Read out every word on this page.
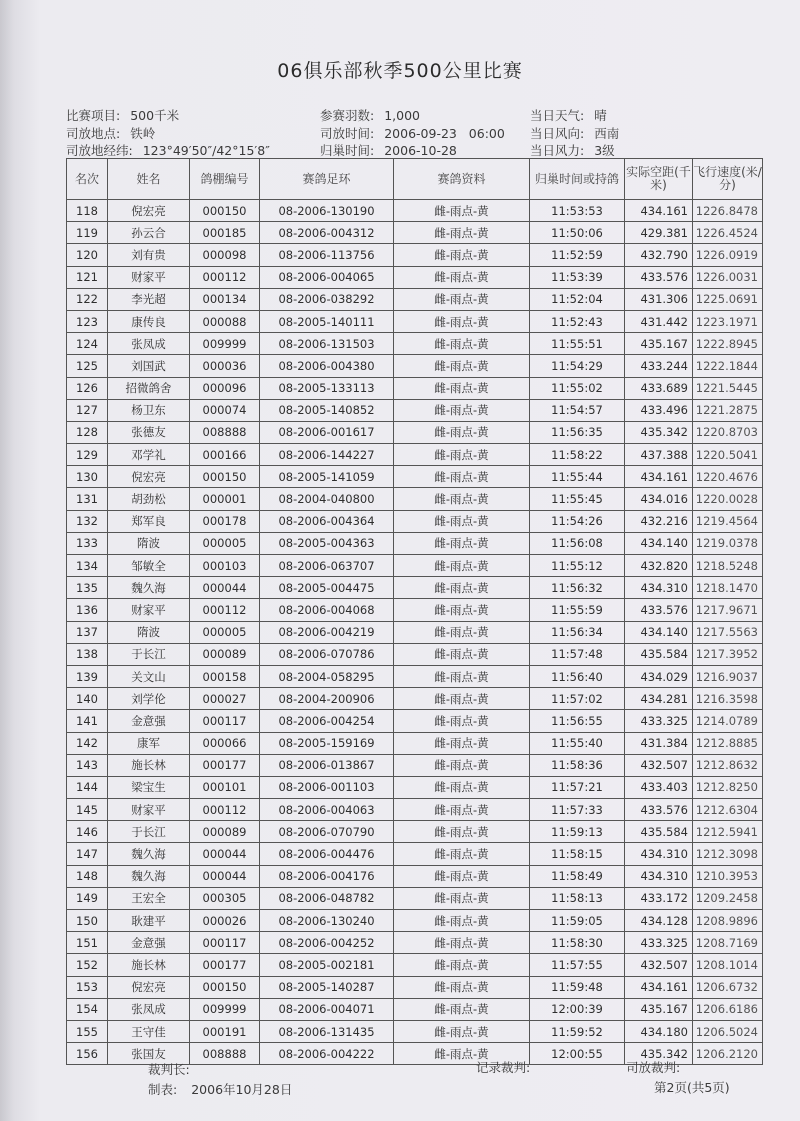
06俱乐部秋季500公里比赛
比赛项目: 500千米
司放地点: 铁岭
司放地经纬: 123°49′50″/42°15′8″
参赛羽数: 1,000
司放时间: 2006-09-23   06:00
归巢时间: 2006-10-28
当日天气: 晴
当日风向: 西南
当日风力: 3级
名次	姓名	鸽棚编号	赛鸽足环	赛鸽资料	归巢时间或持鸽	实际空距(千米)	飞行速度(米/分)
118	倪宏亮	000150	08-2006-130190	雌-雨点-黄	11:53:53	434.161	1226.8478
119	孙云合	000185	08-2006-004312	雌-雨点-黄	11:50:06	429.381	1226.4524
120	刘有贵	000098	08-2006-113756	雌-雨点-黄	11:52:59	432.790	1226.0919
121	财家平	000112	08-2006-004065	雌-雨点-黄	11:53:39	433.576	1226.0031
122	李光超	000134	08-2006-038292	雌-雨点-黄	11:52:04	431.306	1225.0691
123	康传良	000088	08-2005-140111	雌-雨点-黄	11:52:43	431.442	1223.1971
124	张凤成	009999	08-2006-131503	雌-雨点-黄	11:55:51	435.167	1222.8945
125	刘国武	000036	08-2006-004380	雌-雨点-黄	11:54:29	433.244	1222.1844
126	招微鸽舍	000096	08-2005-133113	雌-雨点-黄	11:55:02	433.689	1221.5445
127	杨卫东	000074	08-2005-140852	雌-雨点-黄	11:54:57	433.496	1221.2875
128	张德友	008888	08-2006-001617	雌-雨点-黄	11:56:35	435.342	1220.8703
129	邓学礼	000166	08-2006-144227	雌-雨点-黄	11:58:22	437.388	1220.5041
130	倪宏亮	000150	08-2005-141059	雌-雨点-黄	11:55:44	434.161	1220.4676
131	胡劲松	000001	08-2004-040800	雌-雨点-黄	11:55:45	434.016	1220.0028
132	郑军良	000178	08-2006-004364	雌-雨点-黄	11:54:26	432.216	1219.4564
133	隋波	000005	08-2005-004363	雌-雨点-黄	11:56:08	434.140	1219.0378
134	邹敏全	000103	08-2006-063707	雌-雨点-黄	11:55:12	432.820	1218.5248
135	魏久海	000044	08-2005-004475	雌-雨点-黄	11:56:32	434.310	1218.1470
136	财家平	000112	08-2006-004068	雌-雨点-黄	11:55:59	433.576	1217.9671
137	隋波	000005	08-2006-004219	雌-雨点-黄	11:56:34	434.140	1217.5563
138	于长江	000089	08-2006-070786	雌-雨点-黄	11:57:48	435.584	1217.3952
139	关文山	000158	08-2004-058295	雌-雨点-黄	11:56:40	434.029	1216.9037
140	刘学伦	000027	08-2004-200906	雌-雨点-黄	11:57:02	434.281	1216.3598
141	金意强	000117	08-2006-004254	雌-雨点-黄	11:56:55	433.325	1214.0789
142	康军	000066	08-2005-159169	雌-雨点-黄	11:55:40	431.384	1212.8885
143	施长林	000177	08-2006-013867	雌-雨点-黄	11:58:36	432.507	1212.8632
144	梁宝生	000101	08-2006-001103	雌-雨点-黄	11:57:21	433.403	1212.8250
145	财家平	000112	08-2006-004063	雌-雨点-黄	11:57:33	433.576	1212.6304
146	于长江	000089	08-2006-070790	雌-雨点-黄	11:59:13	435.584	1212.5941
147	魏久海	000044	08-2006-004476	雌-雨点-黄	11:58:15	434.310	1212.3098
148	魏久海	000044	08-2006-004176	雌-雨点-黄	11:58:49	434.310	1210.3953
149	王宏全	000305	08-2006-048782	雌-雨点-黄	11:58:13	433.172	1209.2458
150	耿建平	000026	08-2006-130240	雌-雨点-黄	11:59:05	434.128	1208.9896
151	金意强	000117	08-2006-004252	雌-雨点-黄	11:58:30	433.325	1208.7169
152	施长林	000177	08-2005-002181	雌-雨点-黄	11:57:55	432.507	1208.1014
153	倪宏亮	000150	08-2005-140287	雌-雨点-黄	11:59:48	434.161	1206.6732
154	张凤成	009999	08-2006-004071	雌-雨点-黄	12:00:39	435.167	1206.6186
155	王守佳	000191	08-2006-131435	雌-雨点-黄	11:59:52	434.180	1206.5024
156	张国友	008888	08-2006-004222	雌-雨点-黄	12:00:55	435.342	1206.2120
裁判长:	记录裁判:	司放裁判:
制表: 2006年10月28日	第2页(共5页)
